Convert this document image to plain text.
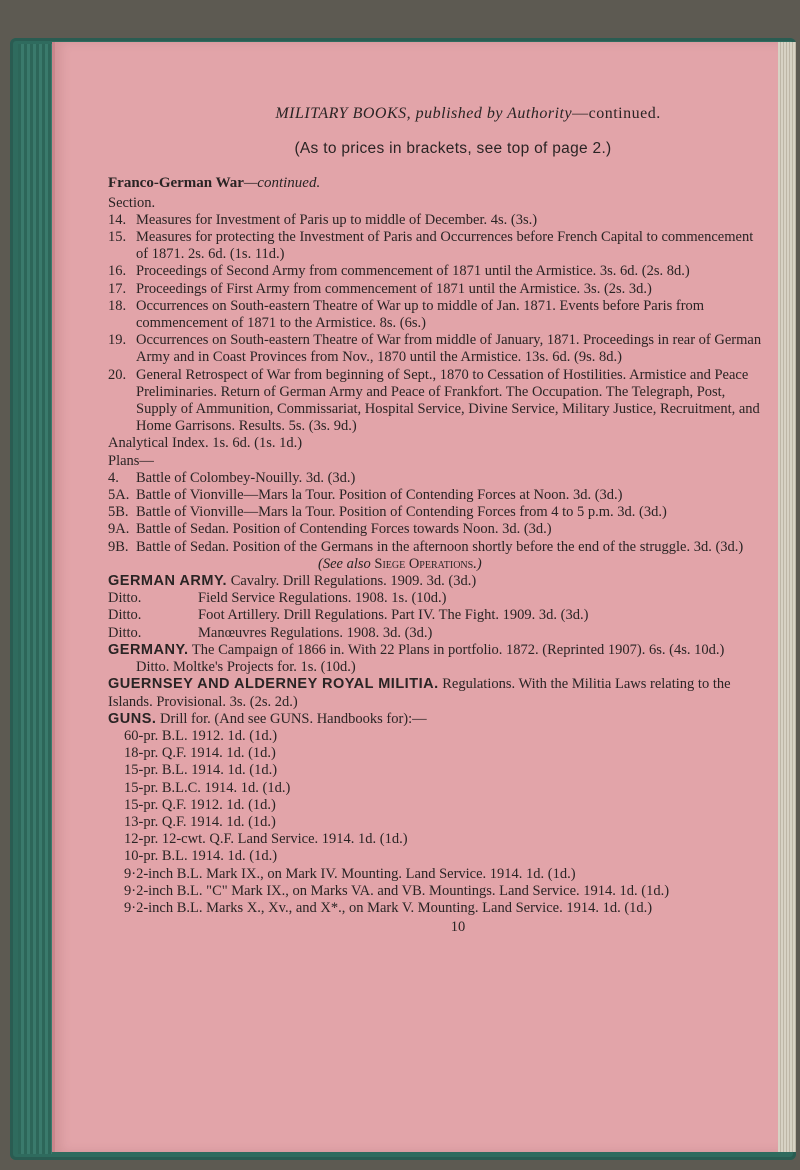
MILITARY BOOKS, published by Authority—continued.
(As to prices in brackets, see top of page 2.)
Franco-German War—continued.
Section.
14. Measures for Investment of Paris up to middle of December. 4s. (3s.)
15. Measures for protecting the Investment of Paris and Occurrences before French Capital to commencement of 1871. 2s. 6d. (1s. 11d.)
16. Proceedings of Second Army from commencement of 1871 until the Armistice. 3s. 6d. (2s. 8d.)
17. Proceedings of First Army from commencement of 1871 until the Armistice. 3s. (2s. 3d.)
18. Occurrences on South-eastern Theatre of War up to middle of Jan. 1871. Events before Paris from commencement of 1871 to the Armistice. 8s. (6s.)
19. Occurrences on South-eastern Theatre of War from middle of January, 1871. Proceedings in rear of German Army and in Coast Provinces from Nov., 1870 until the Armistice. 13s. 6d. (9s. 8d.)
20. General Retrospect of War from beginning of Sept., 1870 to Cessation of Hostilities. Armistice and Peace Preliminaries. Return of German Army and Peace of Frankfort. The Occupation. The Telegraph, Post, Supply of Ammunition, Commissariat, Hospital Service, Divine Service, Military Justice, Recruitment, and Home Garrisons. Results. 5s. (3s. 9d.)
Analytical Index. 1s. 6d. (1s. 1d.)
Plans—
4.	Battle of Colombey-Nouilly. 3d. (3d.)
5A. Battle of Vionville—Mars la Tour. Position of Contending Forces at Noon. 3d. (3d.)
5B. Battle of Vionville—Mars la Tour. Position of Contending Forces from 4 to 5 p.m. 3d. (3d.)
9A. Battle of Sedan. Position of Contending Forces towards Noon. 3d. (3d.)
9B. Battle of Sedan. Position of the Germans in the afternoon shortly before the end of the struggle. 3d. (3d.)
(See also Siege Operations.)
GERMAN ARMY. Cavalry. Drill Regulations. 1909. 3d. (3d.)
Ditto.	Field Service Regulations. 1908. 1s. (10d.)
Ditto.	Foot Artillery. Drill Regulations. Part IV. The Fight. 1909. 3d. (3d.)
Ditto.	Manœuvres Regulations. 1908. 3d. (3d.)
GERMANY. The Campaign of 1866 in. With 22 Plans in portfolio. 1872. (Reprinted 1907). 6s. (4s. 10d.)
Ditto. Moltke's Projects for. 1s. (10d.)
GUERNSEY AND ALDERNEY ROYAL MILITIA. Regulations. With the Militia Laws relating to the Islands. Provisional. 3s. (2s. 2d.)
GUNS. Drill for. (And see GUNS. Handbooks for):—
60-pr. B.L. 1912. 1d. (1d.)
18-pr. Q.F. 1914. 1d. (1d.)
15-pr. B.L. 1914. 1d. (1d.)
15-pr. B.L.C. 1914. 1d. (1d.)
15-pr. Q.F. 1912. 1d. (1d.)
13-pr. Q.F. 1914. 1d. (1d.)
12-pr. 12-cwt. Q.F. Land Service. 1914. 1d. (1d.)
10-pr. B.L. 1914. 1d. (1d.)
9·2-inch B.L. Mark IX., on Mark IV. Mounting. Land Service. 1914. 1d. (1d.)
9·2-inch B.L. "C" Mark IX., on Marks VA. and VB. Mountings. Land Service. 1914. 1d. (1d.)
9·2-inch B.L. Marks X., Xv., and X*., on Mark V. Mounting. Land Service. 1914. 1d. (1d.)
10
